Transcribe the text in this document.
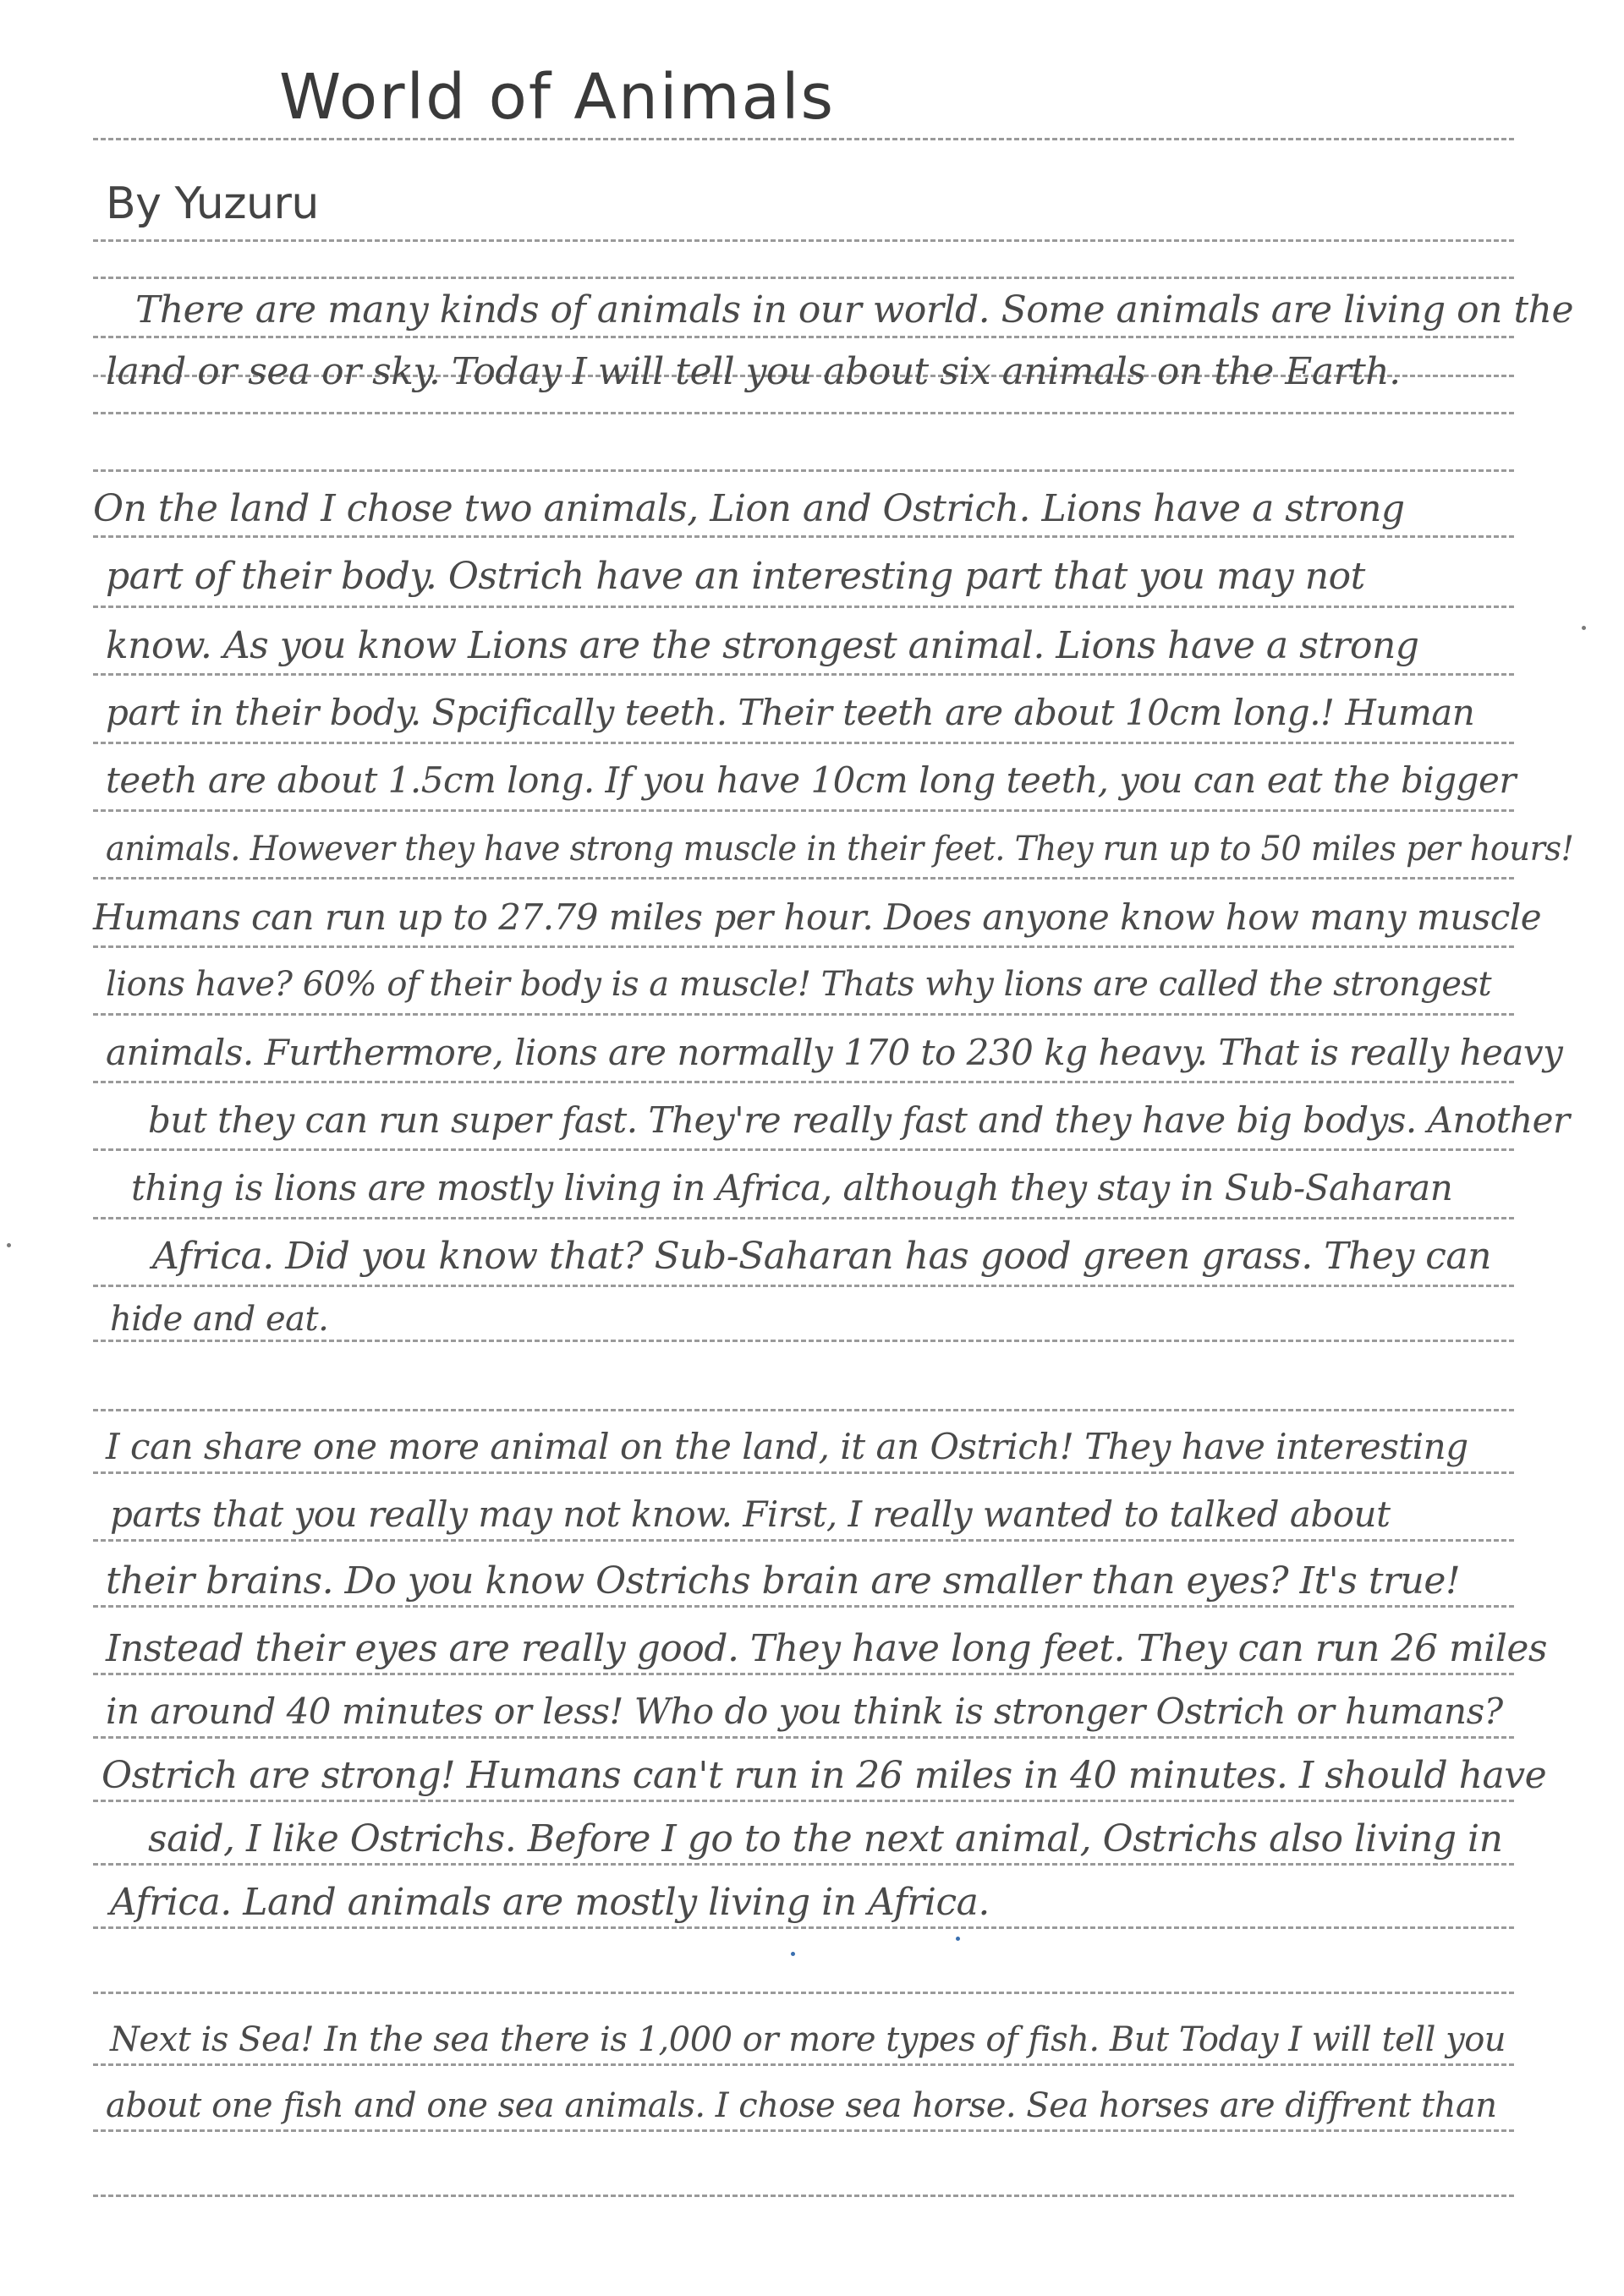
World of Animals
By Yuzuru
There are many kinds of animals in our world. Some animals are living on the
land or sea or sky. Today I will tell you about six animals on the Earth.
On the land I chose two animals, Lion and Ostrich. Lions have a strong
part of their body. Ostrich have an interesting part that you may not
know. As you know Lions are the strongest animal. Lions have a strong
part in their body. Spcifically teeth. Their teeth are about 10cm long.! Human
teeth are about 1.5cm long. If you have 10cm long teeth, you can eat the bigger
animals. However they have strong muscle in their feet. They run up to 50 miles per hours!
Humans can run up to 27.79 miles per hour. Does anyone know how many muscle
lions have? 60% of their body is a muscle! Thats why lions are called the strongest
animals. Furthermore, lions are normally 170 to 230 kg heavy. That is really heavy
but they can run super fast. They're really fast and they have big bodys. Another
thing is lions are mostly living in Africa, although they stay in Sub-Saharan
Africa. Did you know that? Sub-Saharan has good green grass. They can
hide and eat.
I can share one more animal on the land, it an Ostrich! They have interesting
parts that you really may not know. First, I really wanted to talked about
their brains. Do you know Ostrichs brain are smaller than eyes? It's true!
Instead their eyes are really good. They have long feet. They can run 26 miles
in around 40 minutes or less! Who do you think is stronger Ostrich or humans?
Ostrich are strong! Humans can't run in 26 miles in 40 minutes. I should have
said, I like Ostrichs. Before I go to the next animal, Ostrichs also living in
Africa. Land animals are mostly living in Africa.
Next is Sea! In the sea there is 1,000 or more types of fish. But Today I will tell you
about one fish and one sea animals. I chose sea horse. Sea horses are diffrent than
